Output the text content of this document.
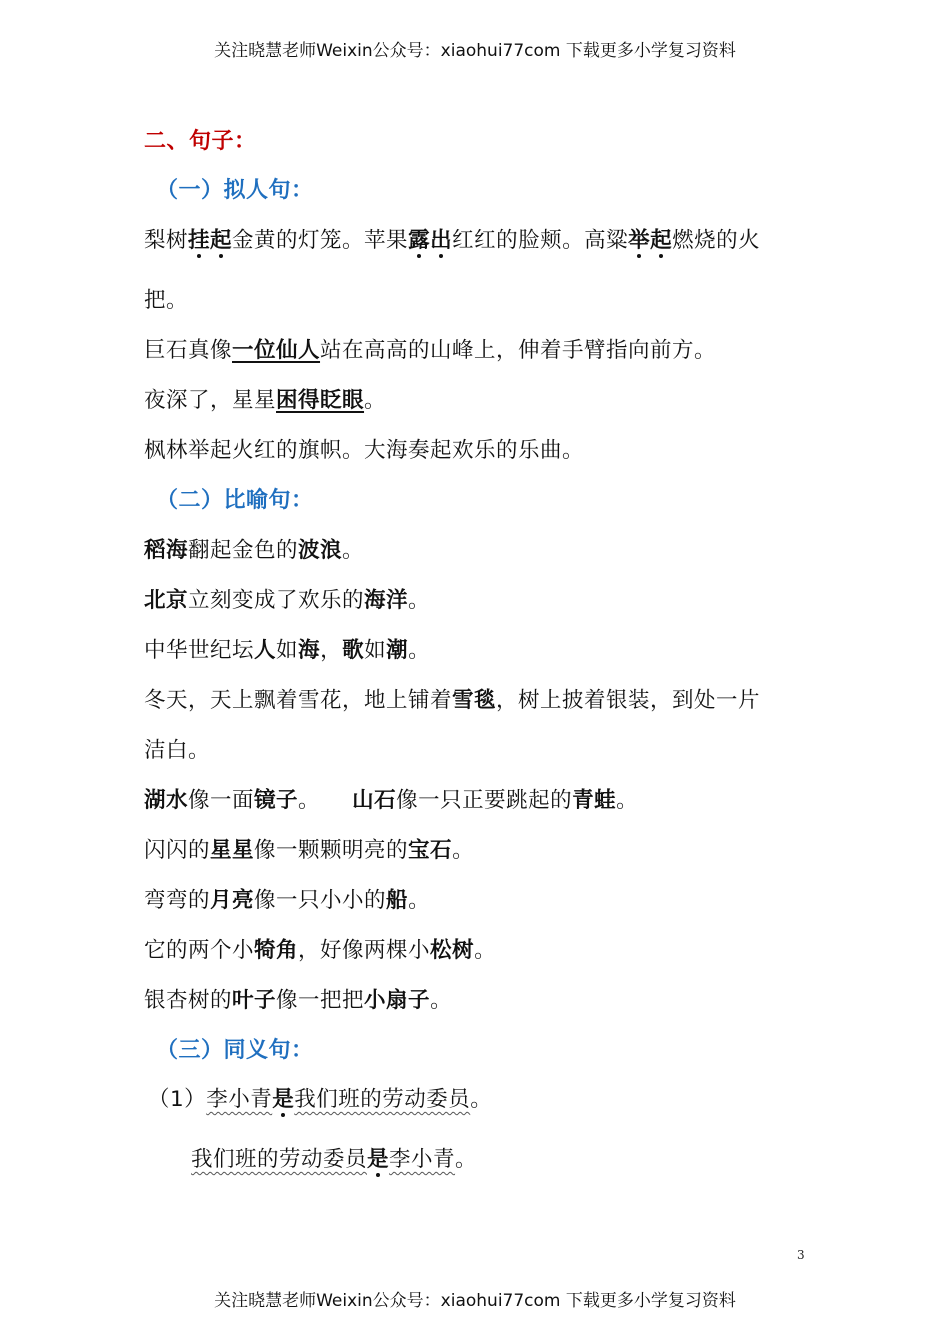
关注晓慧老师Weixin公众号：xiaohui77com 下载更多小学复习资料
二、句子：
（一）拟人句：
梨树挂起金黄的灯笼。苹果露出红红的脸颊。高粱举起燃烧的火
把。
巨石真像一位仙人站在高高的山峰上，伸着手臂指向前方。
夜深了，星星困得眨眼。
枫林举起火红的旗帜。大海奏起欢乐的乐曲。
（二）比喻句：
稻海翻起金色的波浪。
北京立刻变成了欢乐的海洋。
中华世纪坛人如海，歌如潮。
冬天，天上飘着雪花，地上铺着雪毯，树上披着银装，到处一片
洁白。
湖水像一面镜子。 山石像一只正要跳起的青蛙。
闪闪的星星像一颗颗明亮的宝石。
弯弯的月亮像一只小小的船。
它的两个小犄角，好像两棵小松树。
银杏树的叶子像一把把小扇子。
（三）同义句：
（1）李小青是我们班的劳动委员。
我们班的劳动委员是李小青。
3
关注晓慧老师Weixin公众号：xiaohui77com 下载更多小学复习资料
